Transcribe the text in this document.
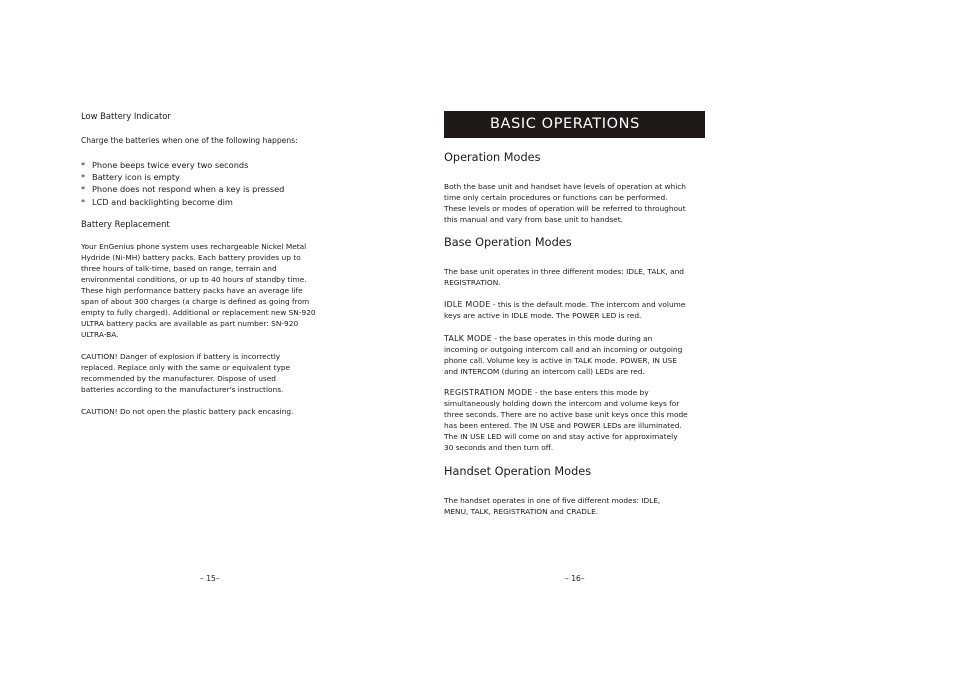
Low Battery Indicator

Charge the batteries when one of the following happens:

* Phone beeps twice every two seconds
* Battery icon is empty
* Phone does not respond when a key is pressed
* LCD and backlighting become dim

Battery Replacement

Your EnGenius phone system uses rechargeable Nickel Metal
Hydride (Ni-MH) battery packs. Each battery provides up to
three hours of talk-time, based on range, terrain and
environmental conditions, or up to 40 hours of standby time.
These high performance battery packs have an average life
span of about 300 charges (a charge is defined as going from
empty to fully charged). Additional or replacement new SN-920
ULTRA battery packs are available as part number: SN-920
ULTRA-BA.
CAUTION! Danger of explosion if battery is incorrectly
replaced. Replace only with the same or equivalent type
recommended by the manufacturer. Dispose of used
batteries according to the manufacturer's instructions.

CAUTION! Do not open the plastic battery pack encasing.

– 15–
BASIC OPERATIONS
Operation Modes
Both the base unit and handset have levels of operation at which
time only certain procedures or functions can be performed.
These levels or modes of operation will be referred to throughout
this manual and vary from base unit to handset.
Base Operation Modes
The base unit operates in three different modes: IDLE, TALK, and
REGISTRATION.
IDLE MODE - this is the default mode. The intercom and volume
keys are active in IDLE mode. The POWER LED is red.
TALK MODE - the base operates in this mode during an
incoming or outgoing intercom call and an incoming or outgoing
phone call. Volume key is active in TALK mode. POWER, IN USE
and INTERCOM (during an intercom call) LEDs are red.
REGISTRATION MODE - the base enters this mode by
simultaneously holding down the intercom and volume keys for
three seconds. There are no active base unit keys once this mode
has been entered. The IN USE and POWER LEDs are illuminated.
The IN USE LED will come on and stay active for approximately
30 seconds and then turn off.
Handset Operation Modes
The handset operates in one of five different modes: IDLE,
MENU, TALK, REGISTRATION and CRADLE.
– 16–
